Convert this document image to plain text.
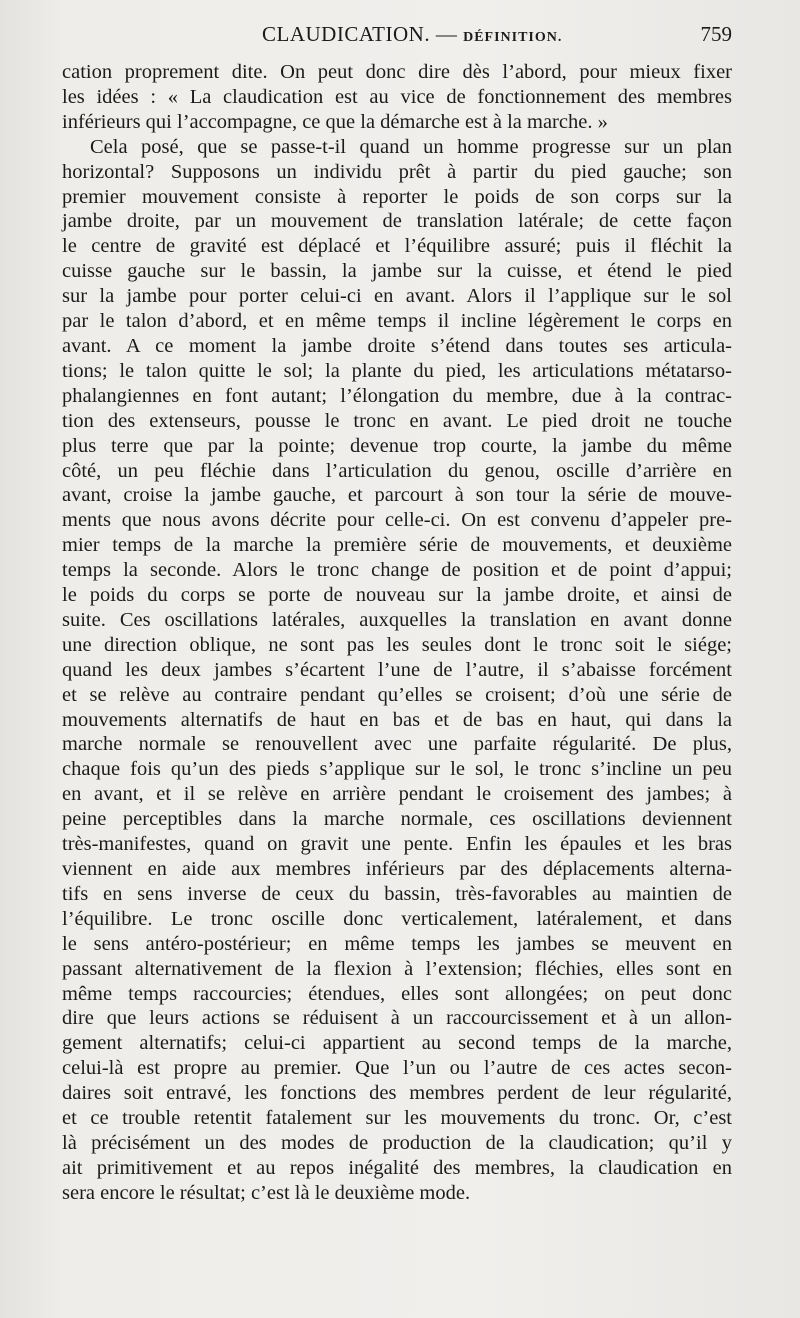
CLAUDICATION. — DÉFINITION.	759

cation proprement dite. On peut donc dire dès l’abord, pour mieux fixer

les idées : « La claudication est au vice de fonctionnement des membres

inférieurs qui l’accompagne, ce que la démarche est à la marche. »

Cela posé, que se passe-t-il quand un homme progresse sur un plan

horizontal? Supposons un individu prêt à partir du pied gauche; son

premier mouvement consiste à reporter le poids de son corps sur la

jambe droite, par un mouvement de translation latérale; de cette façon

le centre de gravité est déplacé et l’équilibre assuré; puis il fléchit la

cuisse gauche sur le bassin, la jambe sur la cuisse, et étend le pied

sur la jambe pour porter celui-ci en avant. Alors il l’applique sur le sol

par le talon d’abord, et en même temps il incline légèrement le corps en

avant. A ce moment la jambe droite s’étend dans toutes ses articula-

tions; le talon quitte le sol; la plante du pied, les articulations métatarso-

phalangiennes en font autant; l’élongation du membre, due à la contrac-

tion des extenseurs, pousse le tronc en avant. Le pied droit ne touche

plus terre que par la pointe; devenue trop courte, la jambe du même

côté, un peu fléchie dans l’articulation du genou, oscille d’arrière en

avant, croise la jambe gauche, et parcourt à son tour la série de mouve-

ments que nous avons décrite pour celle-ci. On est convenu d’appeler pre-

mier temps de la marche la première série de mouvements, et deuxième

temps la seconde. Alors le tronc change de position et de point d’appui;

le poids du corps se porte de nouveau sur la jambe droite, et ainsi de

suite. Ces oscillations latérales, auxquelles la translation en avant donne

une direction oblique, ne sont pas les seules dont le tronc soit le siége;

quand les deux jambes s’écartent l’une de l’autre, il s’abaisse forcément

et se relève au contraire pendant qu’elles se croisent; d’où une série de

mouvements alternatifs de haut en bas et de bas en haut, qui dans la

marche normale se renouvellent avec une parfaite régularité. De plus,

chaque fois qu’un des pieds s’applique sur le sol, le tronc s’incline un peu

en avant, et il se relève en arrière pendant le croisement des jambes; à

peine perceptibles dans la marche normale, ces oscillations deviennent

très-manifestes, quand on gravit une pente. Enfin les épaules et les bras

viennent en aide aux membres inférieurs par des déplacements alterna-

tifs en sens inverse de ceux du bassin, très-favorables au maintien de

l’équilibre. Le tronc oscille donc verticalement, latéralement, et dans

le sens antéro-postérieur; en même temps les jambes se meuvent en

passant alternativement de la flexion à l’extension; fléchies, elles sont en

même temps raccourcies; étendues, elles sont allongées; on peut donc

dire que leurs actions se réduisent à un raccourcissement et à un allon-

gement alternatifs; celui-ci appartient au second temps de la marche,

celui-là est propre au premier. Que l’un ou l’autre de ces actes secon-

daires soit entravé, les fonctions des membres perdent de leur régularité,

et ce trouble retentit fatalement sur les mouvements du tronc. Or, c’est

là précisément un des modes de production de la claudication; qu’il y

ait primitivement et au repos inégalité des membres, la claudication en

sera encore le résultat; c’est là le deuxième mode.
